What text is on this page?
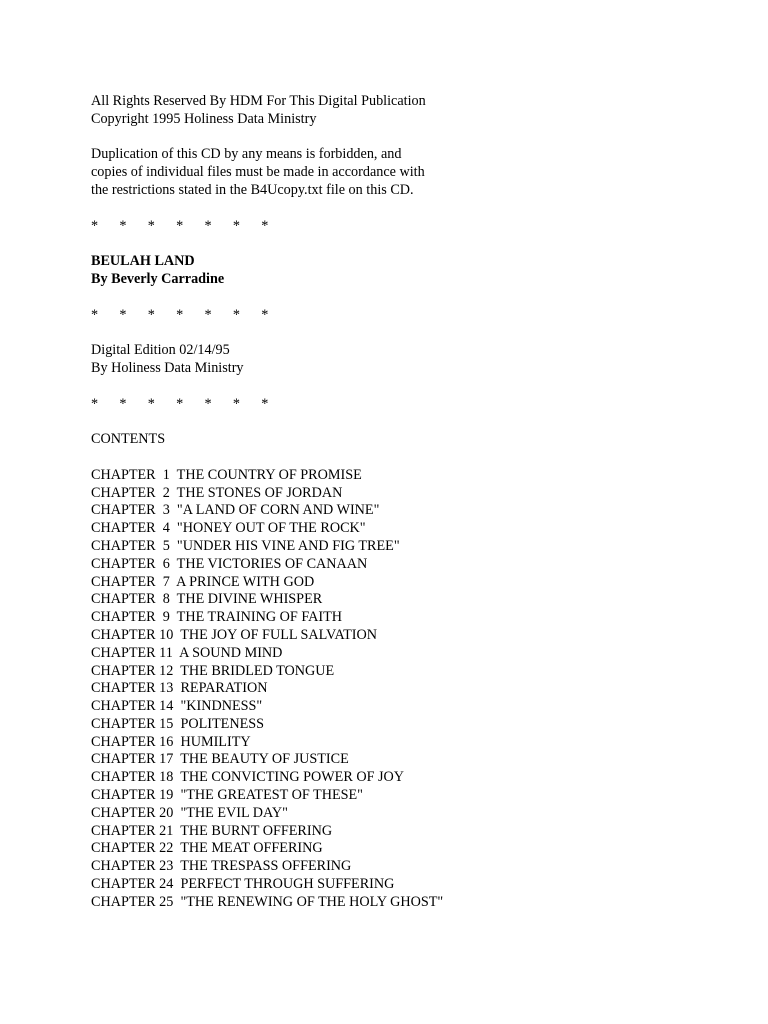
All Rights Reserved By HDM For This Digital Publication
Copyright 1995 Holiness Data Ministry
Duplication of this CD by any means is forbidden, and
copies of individual files must be made in accordance with
the restrictions stated in the B4Ucopy.txt file on this CD.
*      *      *      *      *      *      *
BEULAH LAND
By Beverly Carradine
*      *      *      *      *      *      *
Digital Edition 02/14/95
By Holiness Data Ministry
*      *      *      *      *      *      *
CONTENTS
CHAPTER  1  THE COUNTRY OF PROMISE
CHAPTER  2  THE STONES OF JORDAN
CHAPTER  3  "A LAND OF CORN AND WINE"
CHAPTER  4  "HONEY OUT OF THE ROCK"
CHAPTER  5  "UNDER HIS VINE AND FIG TREE"
CHAPTER  6  THE VICTORIES OF CANAAN
CHAPTER  7  A PRINCE WITH GOD
CHAPTER  8  THE DIVINE WHISPER
CHAPTER  9  THE TRAINING OF FAITH
CHAPTER 10  THE JOY OF FULL SALVATION
CHAPTER 11  A SOUND MIND
CHAPTER 12  THE BRIDLED TONGUE
CHAPTER 13  REPARATION
CHAPTER 14  "KINDNESS"
CHAPTER 15  POLITENESS
CHAPTER 16  HUMILITY
CHAPTER 17  THE BEAUTY OF JUSTICE
CHAPTER 18  THE CONVICTING POWER OF JOY
CHAPTER 19  "THE GREATEST OF THESE"
CHAPTER 20  "THE EVIL DAY"
CHAPTER 21  THE BURNT OFFERING
CHAPTER 22  THE MEAT OFFERING
CHAPTER 23  THE TRESPASS OFFERING
CHAPTER 24  PERFECT THROUGH SUFFERING
CHAPTER 25  "THE RENEWING OF THE HOLY GHOST"
